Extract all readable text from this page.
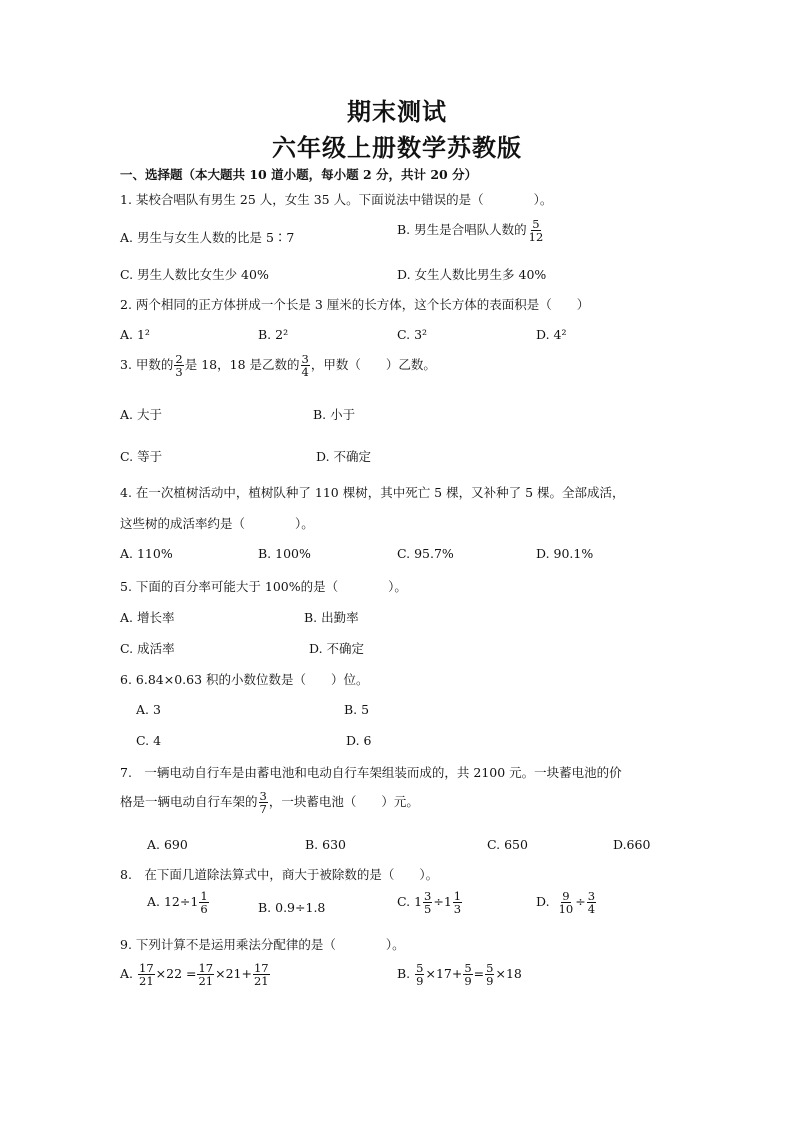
期末测试
六年级上册数学苏教版
一、选择题（本大题共 10 道小题，每小题 2 分，共计 20 分）
1. 某校合唱队有男生 25 人，女生 35 人。下面说法中错误的是（　　　　）。
A. 男生与女生人数的比是 5∶7
B. 男生是合唱队人数的 $\frac{5}{12}$
C. 男生人数比女生少 40%	D. 女生人数比男生多 40%
2. 两个相同的正方体拼成一个长是 3 厘米的长方体，这个长方体的表面积是（　　）
A. 1²	B. 2²	C. 3²	D. 4²
3. 甲数的 $\frac{2}{3}$ 是 18，18 是乙数的 $\frac{3}{4}$ ，甲数（　　）乙数。
A. 大于	B. 小于
C. 等于	D. 不确定
4. 在一次植树活动中，植树队种了 110 棵树，其中死亡 5 棵，又补种了 5 棵。全部成活，
这些树的成活率约是（　　　　）。
A. 110%	B. 100%	C. 95.7%	D. 90.1%
5. 下面的百分率可能大于 100%的是（　　　　）。
A. 增长率	B. 出勤率
C. 成活率	D. 不确定
6. 6.84×0.63 积的小数位数是（　　）位。
A. 3	B. 5
C. 4	D. 6
7.　一辆电动自行车是由蓄电池和电动自行车架组装而成的，共 2100 元。一块蓄电池的价
格是一辆电动自行车架的 $\frac{3}{7}$ ，一块蓄电池（　　）元。
A. 690	B. 630	C. 650	D.660
8.　在下面几道除法算式中，商大于被除数的是（　　）。
A. $12\div 1 \frac{1}{6}$	B. 0.9÷1.8	C. $1 \frac{3}{5} \div 1 \frac{1}{3}$	D. $\frac{9}{10} \div \frac{3}{4}$
9. 下列计算不是运用乘法分配律的是（　　　　）。
A. $\frac{17}{21} \times 22 = \frac{17}{21} \times 21+ \frac{17}{21}$	B. $\frac{5}{9} \times 17+ \frac{5}{9} = \frac{5}{9} \times 18$
